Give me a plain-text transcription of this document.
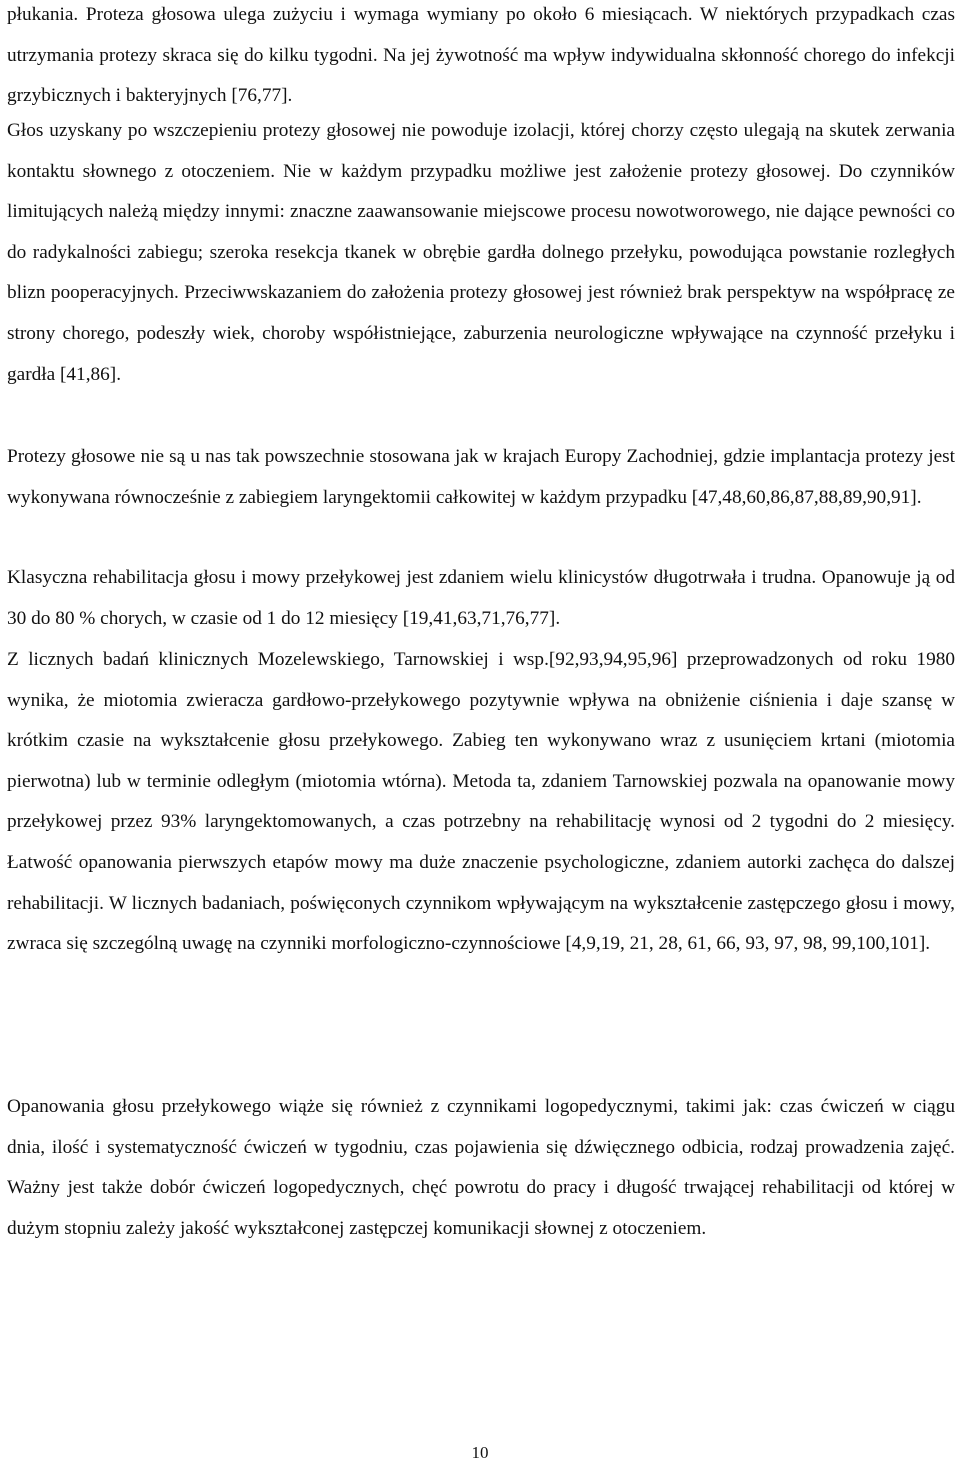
płukania. Proteza głosowa ulega zużyciu i wymaga wymiany po około 6 miesiącach. W niektórych przypadkach czas utrzymania protezy skraca się do kilku tygodni. Na jej żywotność ma wpływ indywidualna skłonność chorego do infekcji grzybicznych i bakteryjnych [76,77].

Głos uzyskany po wszczepieniu protezy głosowej nie powoduje izolacji, której chorzy często ulegają na skutek zerwania kontaktu słownego z otoczeniem. Nie w każdym przypadku możliwe jest założenie protezy głosowej. Do czynników limitujących należą między innymi: znaczne zaawansowanie miejscowe procesu nowotworowego, nie dające pewności co do radykalności zabiegu; szeroka resekcja tkanek w obrębie gardła dolnego przełyku, powodująca powstanie rozległych blizn pooperacyjnych. Przeciwwskazaniem do założenia protezy głosowej jest również brak perspektyw na współpracę ze strony chorego, podeszły wiek, choroby współistniejące, zaburzenia neurologiczne wpływające na czynność przełyku i gardła [41,86].

Protezy głosowe nie są u nas tak powszechnie stosowana jak w krajach Europy Zachodniej, gdzie implantacja protezy jest wykonywana równocześnie z zabiegiem laryngektomii całkowitej w każdym przypadku [47,48,60,86,87,88,89,90,91].

Klasyczna rehabilitacja głosu i mowy przełykowej jest zdaniem wielu klinicystów długotrwała i trudna. Opanowuje ją od 30 do 80 % chorych, w czasie od 1 do 12 miesięcy [19,41,63,71,76,77].

Z licznych badań klinicznych Mozelewskiego, Tarnowskiej i wsp.[92,93,94,95,96] przeprowadzonych od roku 1980 wynika, że miotomia zwieracza gardłowo-przełykowego pozytywnie wpływa na obniżenie ciśnienia i daje szansę w krótkim czasie na wykształcenie głosu przełykowego. Zabieg ten wykonywano wraz z usunięciem krtani (miotomia pierwotna) lub w terminie odległym (miotomia wtórna). Metoda ta, zdaniem Tarnowskiej pozwala na opanowanie mowy przełykowej przez 93% laryngektomowanych, a czas potrzebny na rehabilitację wynosi od 2 tygodni do 2 miesięcy. Łatwość opanowania pierwszych etapów mowy ma duże znaczenie psychologiczne, zdaniem autorki zachęca do dalszej rehabilitacji. W licznych badaniach, poświęconych czynnikom wpływającym na wykształcenie zastępczego głosu i mowy, zwraca się szczególną uwagę na czynniki morfologiczno-czynnościowe [4,9,19, 21, 28, 61, 66, 93, 97, 98, 99,100,101].

Opanowania głosu przełykowego wiąże się również z czynnikami logopedycznymi, takimi jak: czas ćwiczeń w ciągu dnia, ilość i systematyczność ćwiczeń w tygodniu, czas pojawienia się dźwięcznego odbicia, rodzaj prowadzenia zajęć. Ważny jest także dobór ćwiczeń logopedycznych, chęć powrotu do pracy i długość trwającej rehabilitacji od której w dużym stopniu zależy jakość wykształconej zastępczej komunikacji słownej z otoczeniem.

10
